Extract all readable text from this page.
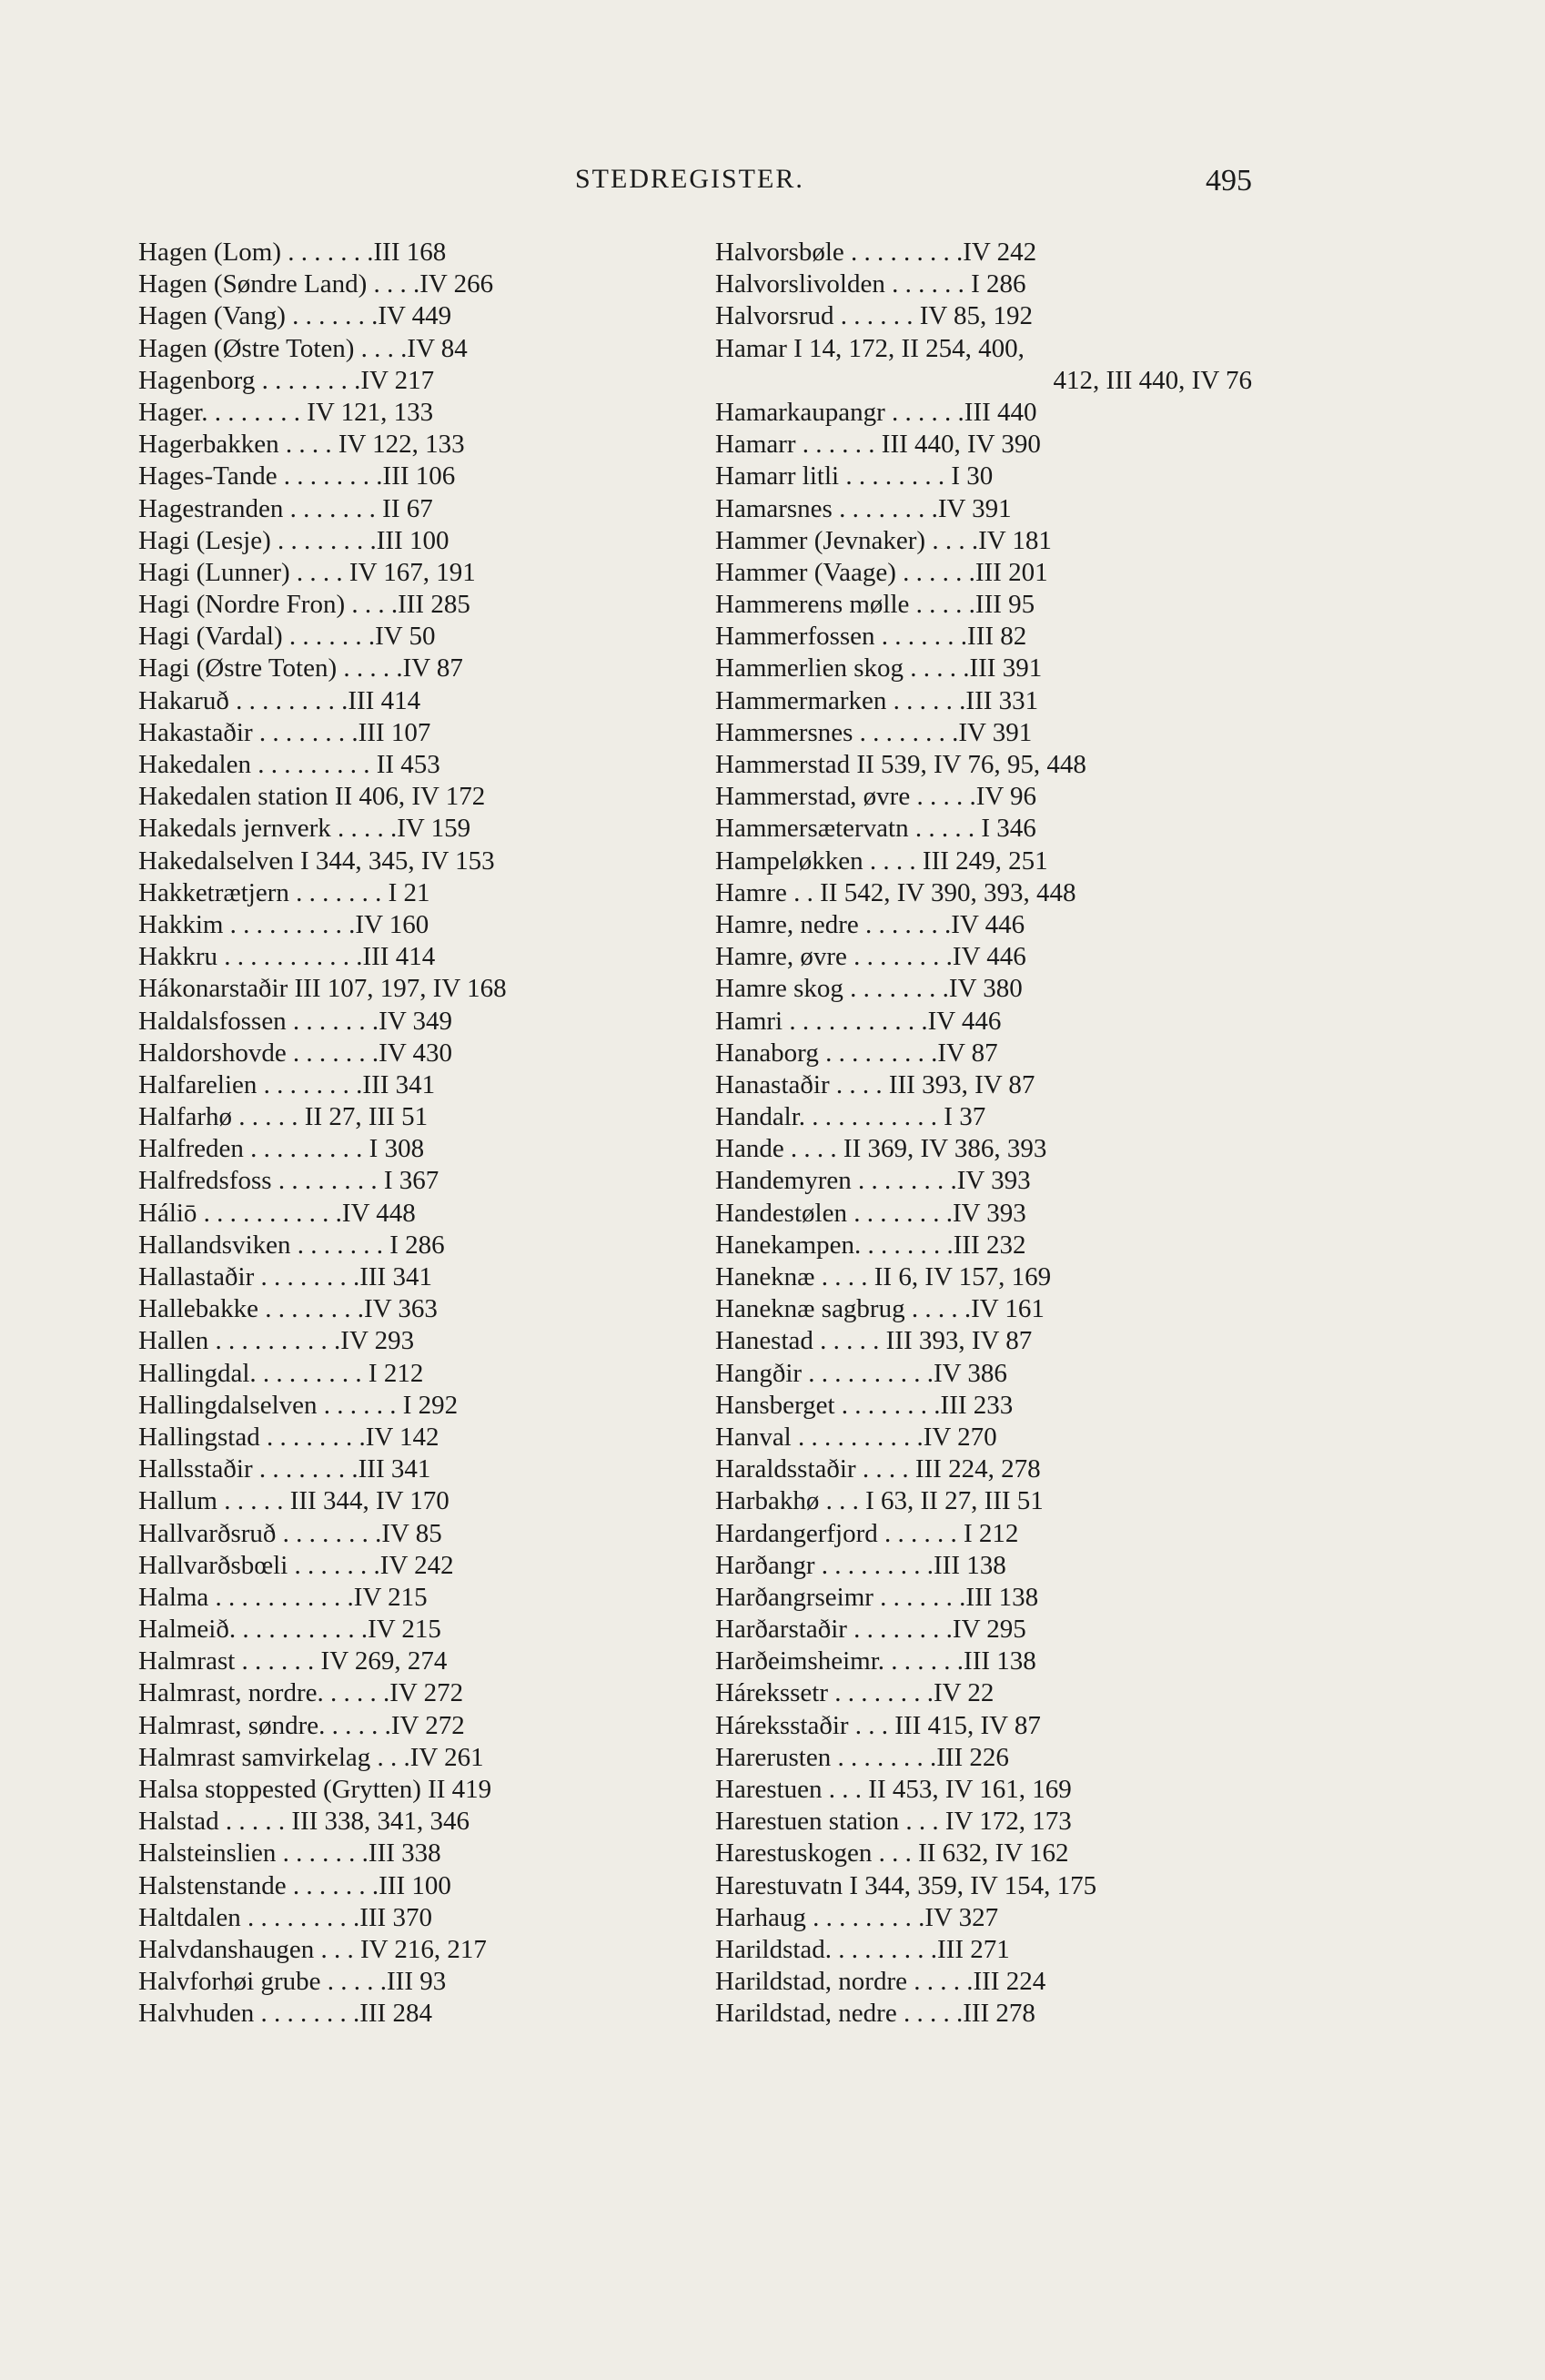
STEDREGISTER.	495
Hagen (Lom) . . . . . . .III 168
Hagen (Søndre Land) . . . .IV 266
Hagen (Vang) . . . . . . .IV 449
Hagen (Østre Toten) . . . .IV 84
Hagenborg . . . . . . . .IV 217
Hager. . . . . . . . IV 121, 133
Hagerbakken . . . . IV 122, 133
Hages-Tande . . . . . . . .III 106
Hagestranden . . . . . . . II 67
Hagi (Lesje) . . . . . . . .III 100
Hagi (Lunner) . . . . IV 167, 191
Hagi (Nordre Fron) . . . .III 285
Hagi (Vardal) . . . . . . .IV 50
Hagi (Østre Toten) . . . . .IV 87
Hakaruð . . . . . . . . .III 414
Hakastaðir . . . . . . . .III 107
Hakedalen . . . . . . . . . II 453
Hakedalen station II 406, IV 172
Hakedals jernverk . . . . .IV 159
Hakedalselven I 344, 345, IV 153
Hakketrætjern . . . . . . . I 21
Hakkim . . . . . . . . . .IV 160
Hakkru . . . . . . . . . . .III 414
Hákonarstaðir III 107, 197, IV 168
Haldalsfossen . . . . . . .IV 349
Haldorshovde . . . . . . .IV 430
Halfarelien . . . . . . . .III 341
Halfarhø . . . . . II 27, III 51
Halfreden . . . . . . . . . I 308
Halfredsfoss . . . . . . . . I 367
Háliō . . . . . . . . . . .IV 448
Hallandsviken . . . . . . . I 286
Hallastaðir . . . . . . . .III 341
Hallebakke . . . . . . . .IV 363
Hallen . . . . . . . . . .IV 293
Hallingdal. . . . . . . . . I 212
Hallingdalselven . . . . . . I 292
Hallingstad . . . . . . . .IV 142
Hallsstaðir . . . . . . . .III 341
Hallum . . . . . III 344, IV 170
Hallvarðsruð . . . . . . . .IV 85
Hallvarðsbœli . . . . . . .IV 242
Halma . . . . . . . . . . .IV 215
Halmeið. . . . . . . . . . .IV 215
Halmrast . . . . . . IV 269, 274
Halmrast, nordre. . . . . .IV 272
Halmrast, søndre. . . . . .IV 272
Halmrast samvirkelag . . .IV 261
Halsa stoppested (Grytten) II 419
Halstad . . . . . III 338, 341, 346
Halsteinslien . . . . . . .III 338
Halstenstande . . . . . . .III 100
Haltdalen . . . . . . . . .III 370
Halvdanshaugen . . . IV 216, 217
Halvforhøi grube . . . . .III 93
Halvhuden . . . . . . . .III 284
Halvorsbøle . . . . . . . . .IV 242
Halvorslivolden . . . . . . I 286
Halvorsrud . . . . . . IV 85, 192
Hamar I 14, 172, II 254, 400,
412, III 440, IV 76
Hamarkaupangr . . . . . .III 440
Hamarr . . . . . . III 440, IV 390
Hamarr litli . . . . . . . . I 30
Hamarsnes . . . . . . . .IV 391
Hammer (Jevnaker) . . . .IV 181
Hammer (Vaage) . . . . . .III 201
Hammerens mølle . . . . .III 95
Hammerfossen . . . . . . .III 82
Hammerlien skog . . . . .III 391
Hammermarken . . . . . .III 331
Hammersnes . . . . . . . .IV 391
Hammerstad II 539, IV 76, 95, 448
Hammerstad, øvre . . . . .IV 96
Hammersætervatn . . . . . I 346
Hampeløkken . . . . III 249, 251
Hamre . . II 542, IV 390, 393, 448
Hamre, nedre . . . . . . .IV 446
Hamre, øvre . . . . . . . .IV 446
Hamre skog . . . . . . . .IV 380
Hamri . . . . . . . . . . .IV 446
Hanaborg . . . . . . . . .IV 87
Hanastaðir . . . . III 393, IV 87
Handalr. . . . . . . . . . . I 37
Hande . . . . II 369, IV 386, 393
Handemyren . . . . . . . .IV 393
Handestølen . . . . . . . .IV 393
Hanekampen. . . . . . . .III 232
Haneknæ . . . . II 6, IV 157, 169
Haneknæ sagbrug . . . . .IV 161
Hanestad . . . . . III 393, IV 87
Hangðir . . . . . . . . . .IV 386
Hansberget . . . . . . . .III 233
Hanval . . . . . . . . . .IV 270
Haraldsstaðir . . . . III 224, 278
Harbakhø . . . I 63, II 27, III 51
Hardangerfjord . . . . . . I 212
Harðangr . . . . . . . . .III 138
Harðangrseimr . . . . . . .III 138
Harðarstaðir . . . . . . . .IV 295
Harðeimsheimr. . . . . . .III 138
Hárekssetr . . . . . . . .IV 22
Háreksstaðir . . . III 415, IV 87
Harerusten . . . . . . . .III 226
Harestuen . . . II 453, IV 161, 169
Harestuen station . . . IV 172, 173
Harestuskogen . . . II 632, IV 162
Harestuvatn I 344, 359, IV 154, 175
Harhaug . . . . . . . . .IV 327
Harildstad. . . . . . . . .III 271
Harildstad, nordre . . . . .III 224
Harildstad, nedre . . . . .III 278
